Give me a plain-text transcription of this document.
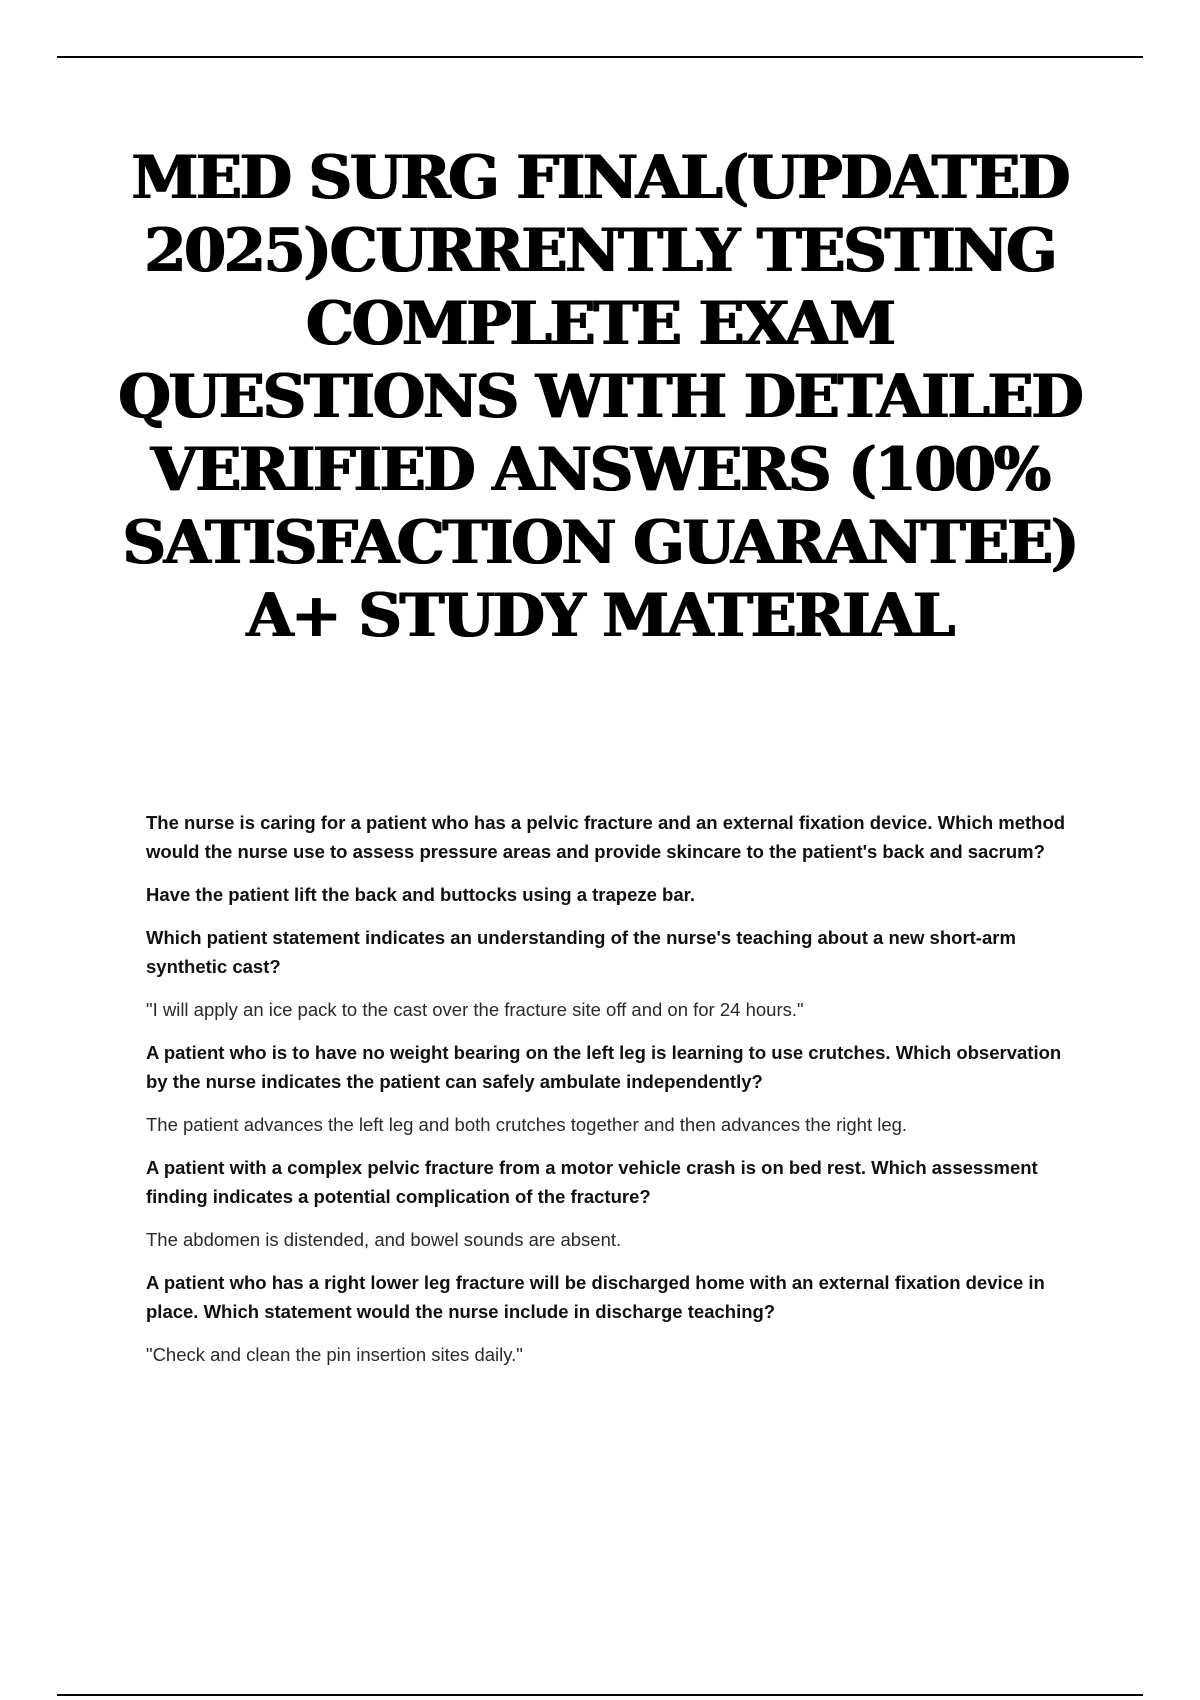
MED SURG FINAL(UPDATED 2025)CURRENTLY TESTING COMPLETE EXAM QUESTIONS WITH DETAILED VERIFIED ANSWERS (100% SATISFACTION GUARANTEE) A+ STUDY MATERIAL

The nurse is caring for a patient who has a pelvic fracture and an external fixation device. Which method would the nurse use to assess pressure areas and provide skincare to the patient's back and sacrum?

Have the patient lift the back and buttocks using a trapeze bar.

Which patient statement indicates an understanding of the nurse's teaching about a new short-arm synthetic cast?

"I will apply an ice pack to the cast over the fracture site off and on for 24 hours."

A patient who is to have no weight bearing on the left leg is learning to use crutches. Which observation by the nurse indicates the patient can safely ambulate independently?

The patient advances the left leg and both crutches together and then advances the right leg.

A patient with a complex pelvic fracture from a motor vehicle crash is on bed rest. Which assessment finding indicates a potential complication of the fracture?

The abdomen is distended, and bowel sounds are absent.

A patient who has a right lower leg fracture will be discharged home with an external fixation device in place. Which statement would the nurse include in discharge teaching?

"Check and clean the pin insertion sites daily."
